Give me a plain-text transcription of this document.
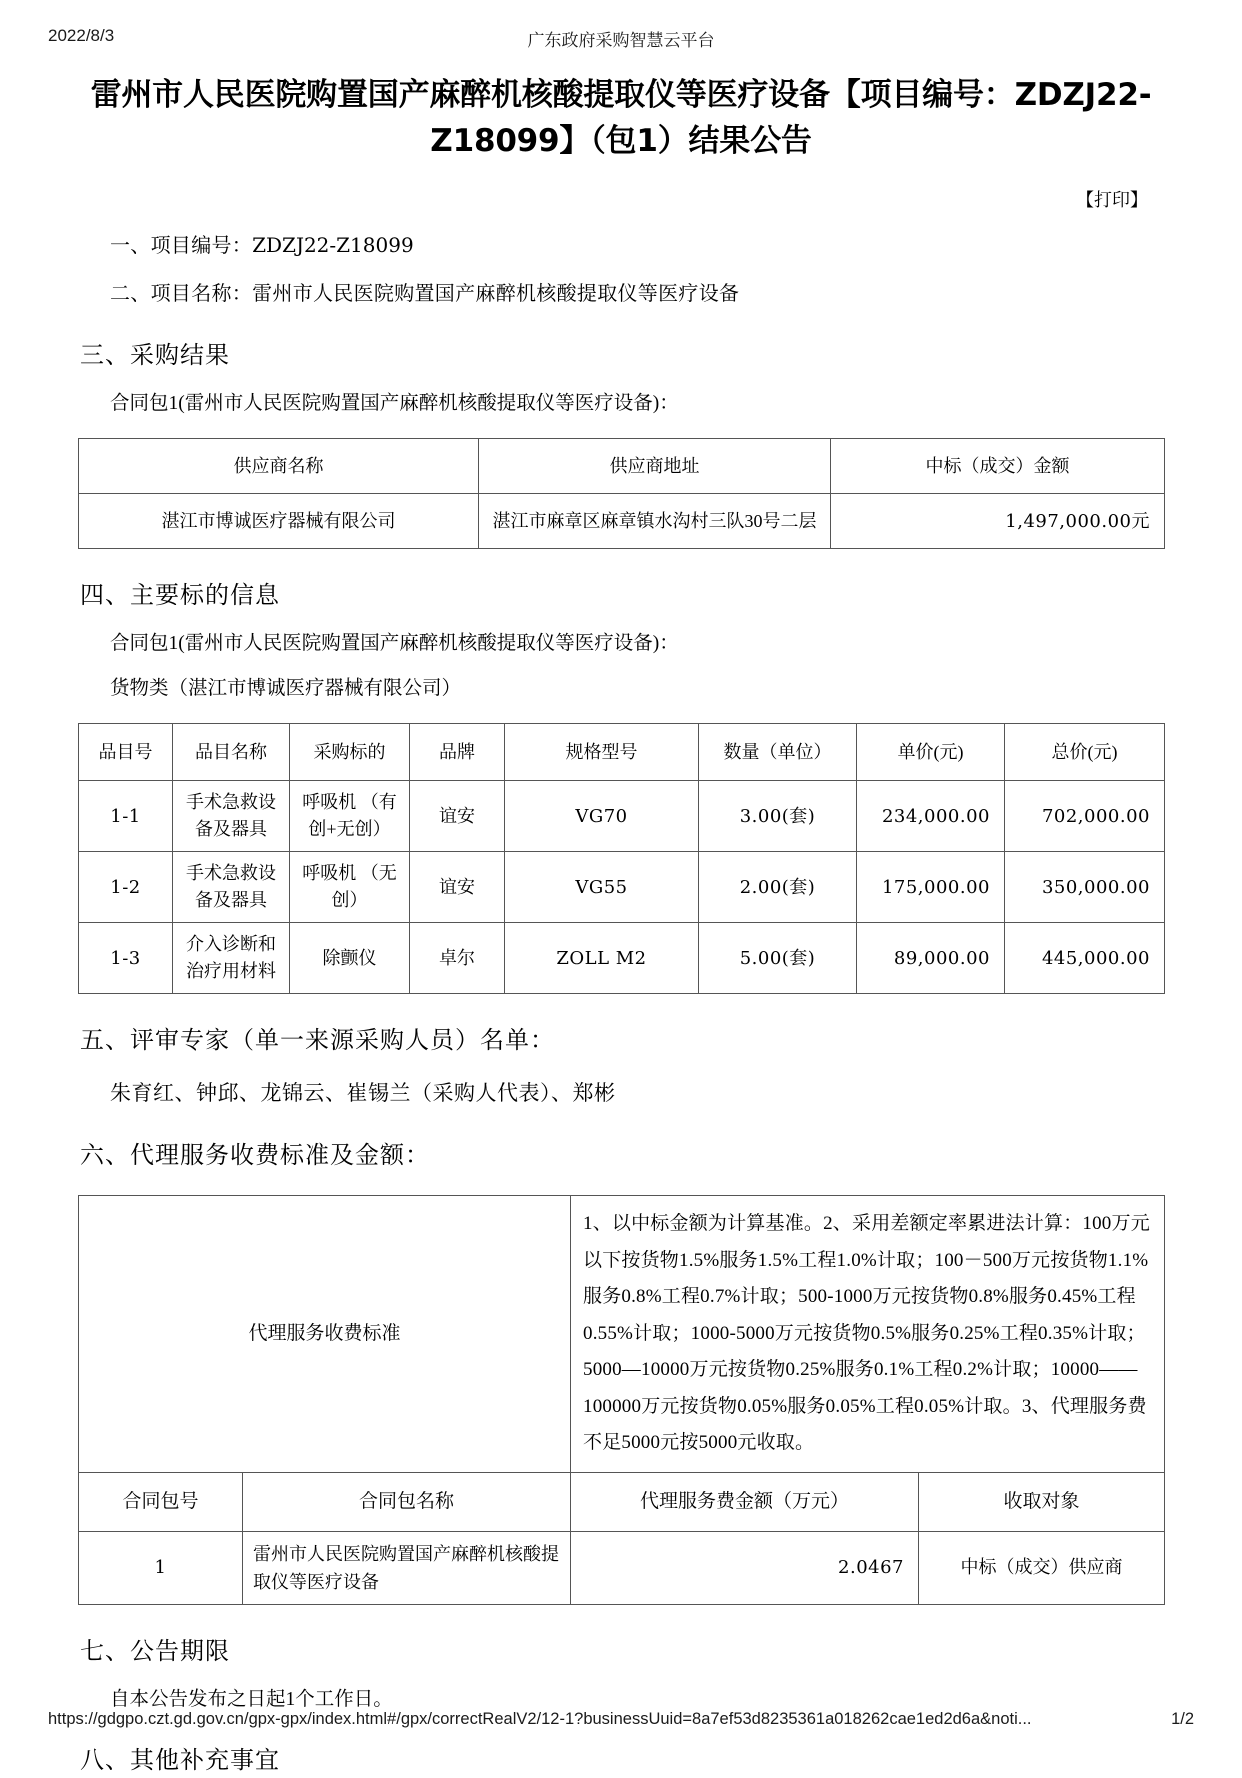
2022/8/3	广东政府采购智慧云平台
雷州市人民医院购置国产麻醉机核酸提取仪等医疗设备【项目编号：ZDZJ22-Z18099】（包1）结果公告
【打印】
一、项目编号：ZDZJ22-Z18099
二、项目名称：雷州市人民医院购置国产麻醉机核酸提取仪等医疗设备
三、采购结果
合同包1(雷州市人民医院购置国产麻醉机核酸提取仪等医疗设备)：
供应商名称	供应商地址	中标（成交）金额
湛江市博诚医疗器械有限公司	湛江市麻章区麻章镇水沟村三队30号二层	1,497,000.00元
四、主要标的信息
合同包1(雷州市人民医院购置国产麻醉机核酸提取仪等医疗设备)：
货物类（湛江市博诚医疗器械有限公司）
品目号	品目名称	采购标的	品牌	规格型号	数量（单位）	单价(元)	总价(元)
1-1	手术急救设备及器具	呼吸机 （有创+无创）	谊安	VG70	3.00(套)	234,000.00	702,000.00
1-2	手术急救设备及器具	呼吸机 （无创）	谊安	VG55	2.00(套)	175,000.00	350,000.00
1-3	介入诊断和治疗用材料	除颤仪	卓尔	ZOLL M2	5.00(套)	89,000.00	445,000.00
五、评审专家（单一来源采购人员）名单：
朱育红、钟邱、龙锦云、崔锡兰（采购人代表）、郑彬
六、代理服务收费标准及金额：
代理服务收费标准		1、以中标金额为计算基准。2、采用差额定率累进法计算：100万元以下按货物1.5%服务1.5%工程1.0%计取；100－500万元按货物1.1%服务0.8%工程0.7%计取；500-1000万元按货物0.8%服务0.45%工程0.55%计取；1000-5000万元按货物0.5%服务0.25%工程0.35%计取；5000—10000万元按货物0.25%服务0.1%工程0.2%计取；10000——100000万元按货物0.05%服务0.05%工程0.05%计取。3、代理服务费不足5000元按5000元收取。	
合同包号	合同包名称	代理服务费金额（万元）	收取对象
1	雷州市人民医院购置国产麻醉机核酸提取仪等医疗设备	2.0467	中标（成交）供应商
七、公告期限
自本公告发布之日起1个工作日。
八、其他补充事宜
https://gdgpo.czt.gd.gov.cn/gpx-gpx/index.html#/gpx/correctRealV2/12-1?businessUuid=8a7ef53d8235361a018262cae1ed2d6a&noti...	1/2
